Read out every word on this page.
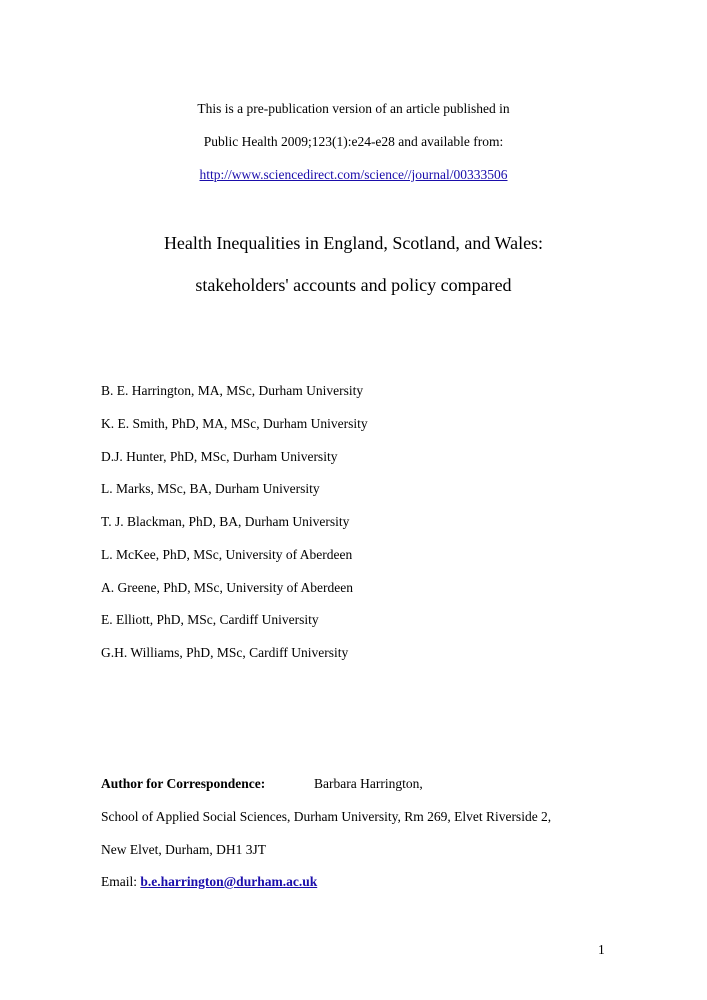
This is a pre-publication version of an article published in
Public Health 2009;123(1):e24-e28 and available from:
http://www.sciencedirect.com/science//journal/00333506
Health Inequalities in England, Scotland, and Wales:
stakeholders' accounts and policy compared
B. E. Harrington, MA, MSc, Durham University
K. E. Smith, PhD, MA, MSc, Durham University
D.J. Hunter, PhD, MSc, Durham University
L. Marks, MSc, BA, Durham University
T. J. Blackman, PhD, BA, Durham University
L. McKee, PhD, MSc, University of Aberdeen
A. Greene, PhD, MSc, University of Aberdeen
E. Elliott, PhD, MSc, Cardiff University
G.H. Williams, PhD, MSc, Cardiff University
Author for Correspondence:	Barbara Harrington,
School of Applied Social Sciences, Durham University, Rm 269, Elvet Riverside 2,
New Elvet, Durham, DH1 3JT
Email: b.e.harrington@durham.ac.uk
1
